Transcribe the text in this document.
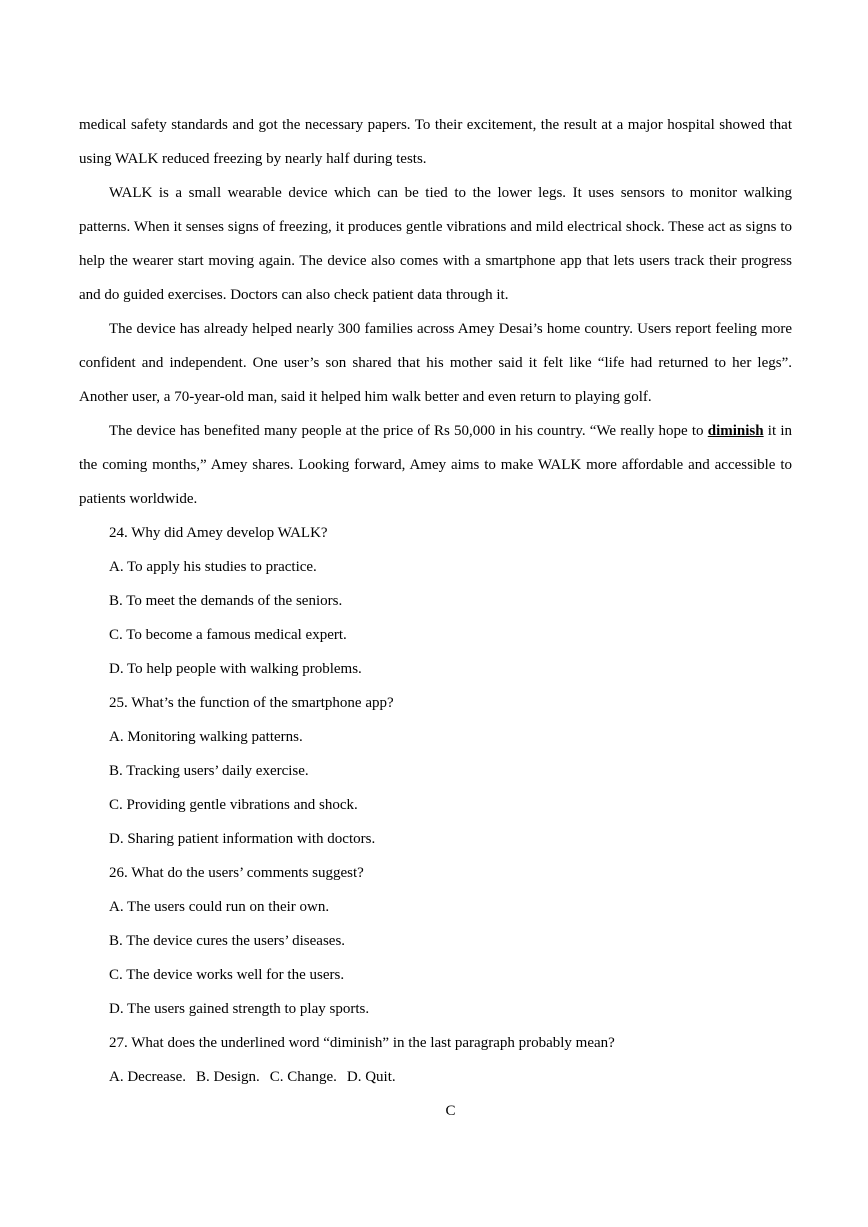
medical safety standards and got the necessary papers. To their excitement, the result at a major hospital showed that using WALK reduced freezing by nearly half during tests.

WALK is a small wearable device which can be tied to the lower legs. It uses sensors to monitor walking patterns. When it senses signs of freezing, it produces gentle vibrations and mild electrical shock. These act as signs to help the wearer start moving again. The device also comes with a smartphone app that lets users track their progress and do guided exercises. Doctors can also check patient data through it.

The device has already helped nearly 300 families across Amey Desai’s home country. Users report feeling more confident and independent. One user’s son shared that his mother said it felt like “life had returned to her legs”. Another user, a 70-year-old man, said it helped him walk better and even return to playing golf.

The device has benefited many people at the price of Rs 50,000 in his country. “We really hope to diminish it in the coming months,” Amey shares. Looking forward, Amey aims to make WALK more affordable and accessible to patients worldwide.

24. Why did Amey develop WALK?

A. To apply his studies to practice.

B. To meet the demands of the seniors.

C. To become a famous medical expert.

D. To help people with walking problems.

25. What’s the function of the smartphone app?

A. Monitoring walking patterns.

B. Tracking users’ daily exercise.

C. Providing gentle vibrations and shock.

D. Sharing patient information with doctors.

26. What do the users’ comments suggest?

A. The users could run on their own.

B. The device cures the users’ diseases.

C. The device works well for the users.

D. The users gained strength to play sports.

27. What does the underlined word “diminish” in the last paragraph probably mean?

A. Decrease. B. Design. C. Change. D. Quit.

C
